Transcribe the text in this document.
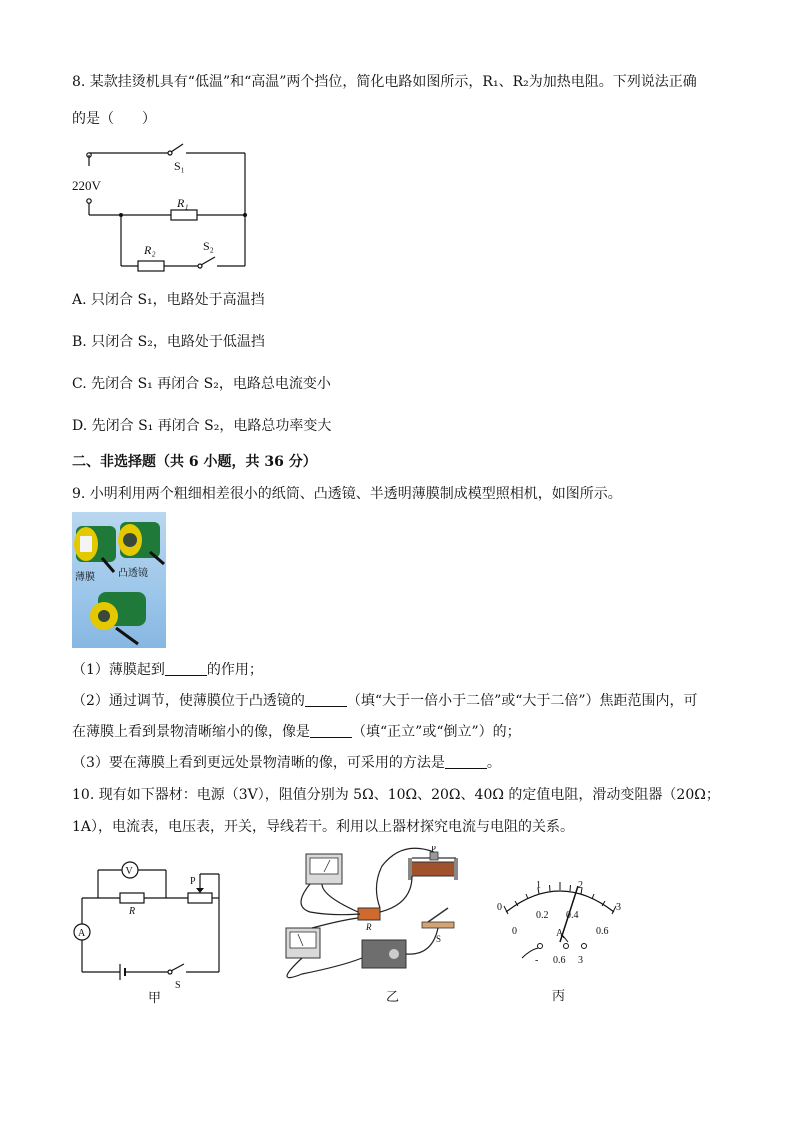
8. 某款挂烫机具有“低温”和“高温”两个挡位，简化电路如图所示，R₁、R₂为加热电阻。下列说法正确
的是（　　）
S₁
220V
R₁
R₂	S₂
A. 只闭合 S₁，电路处于高温挡
B. 只闭合 S₂，电路处于低温挡
C. 先闭合 S₁ 再闭合 S₂，电路总电流变小
D. 先闭合 S₁ 再闭合 S₂，电路总功率变大
二、非选择题（共 6 小题，共 36 分）
9. 小明利用两个粗细相差很小的纸筒、凸透镜、半透明薄膜制成模型照相机，如图所示。
薄膜 凸透镜
（1）薄膜起到	的作用；
（2）通过调节，使薄膜位于凸透镜的	（填“大于一倍小于二倍”或“大于二倍”）焦距范围内，可
在薄膜上看到景物清晰缩小的像，像是	（填“正立”或“倒立”）的；
（3）要在薄膜上看到更远处景物清晰的像，可采用的方法是	。
10. 现有如下器材：电源（3V），阻值分别为 5Ω、10Ω、20Ω、40Ω 的定值电阻，滑动变阻器（20Ω；
1A），电流表，电压表，开关，导线若干。利用以上器材探究电流与电阻的关系。
V
R
P
A
S
甲
P
R
S
乙
0
1	2
3
0
0.2 0.4
0.6
A
- 0.6 3
丙
